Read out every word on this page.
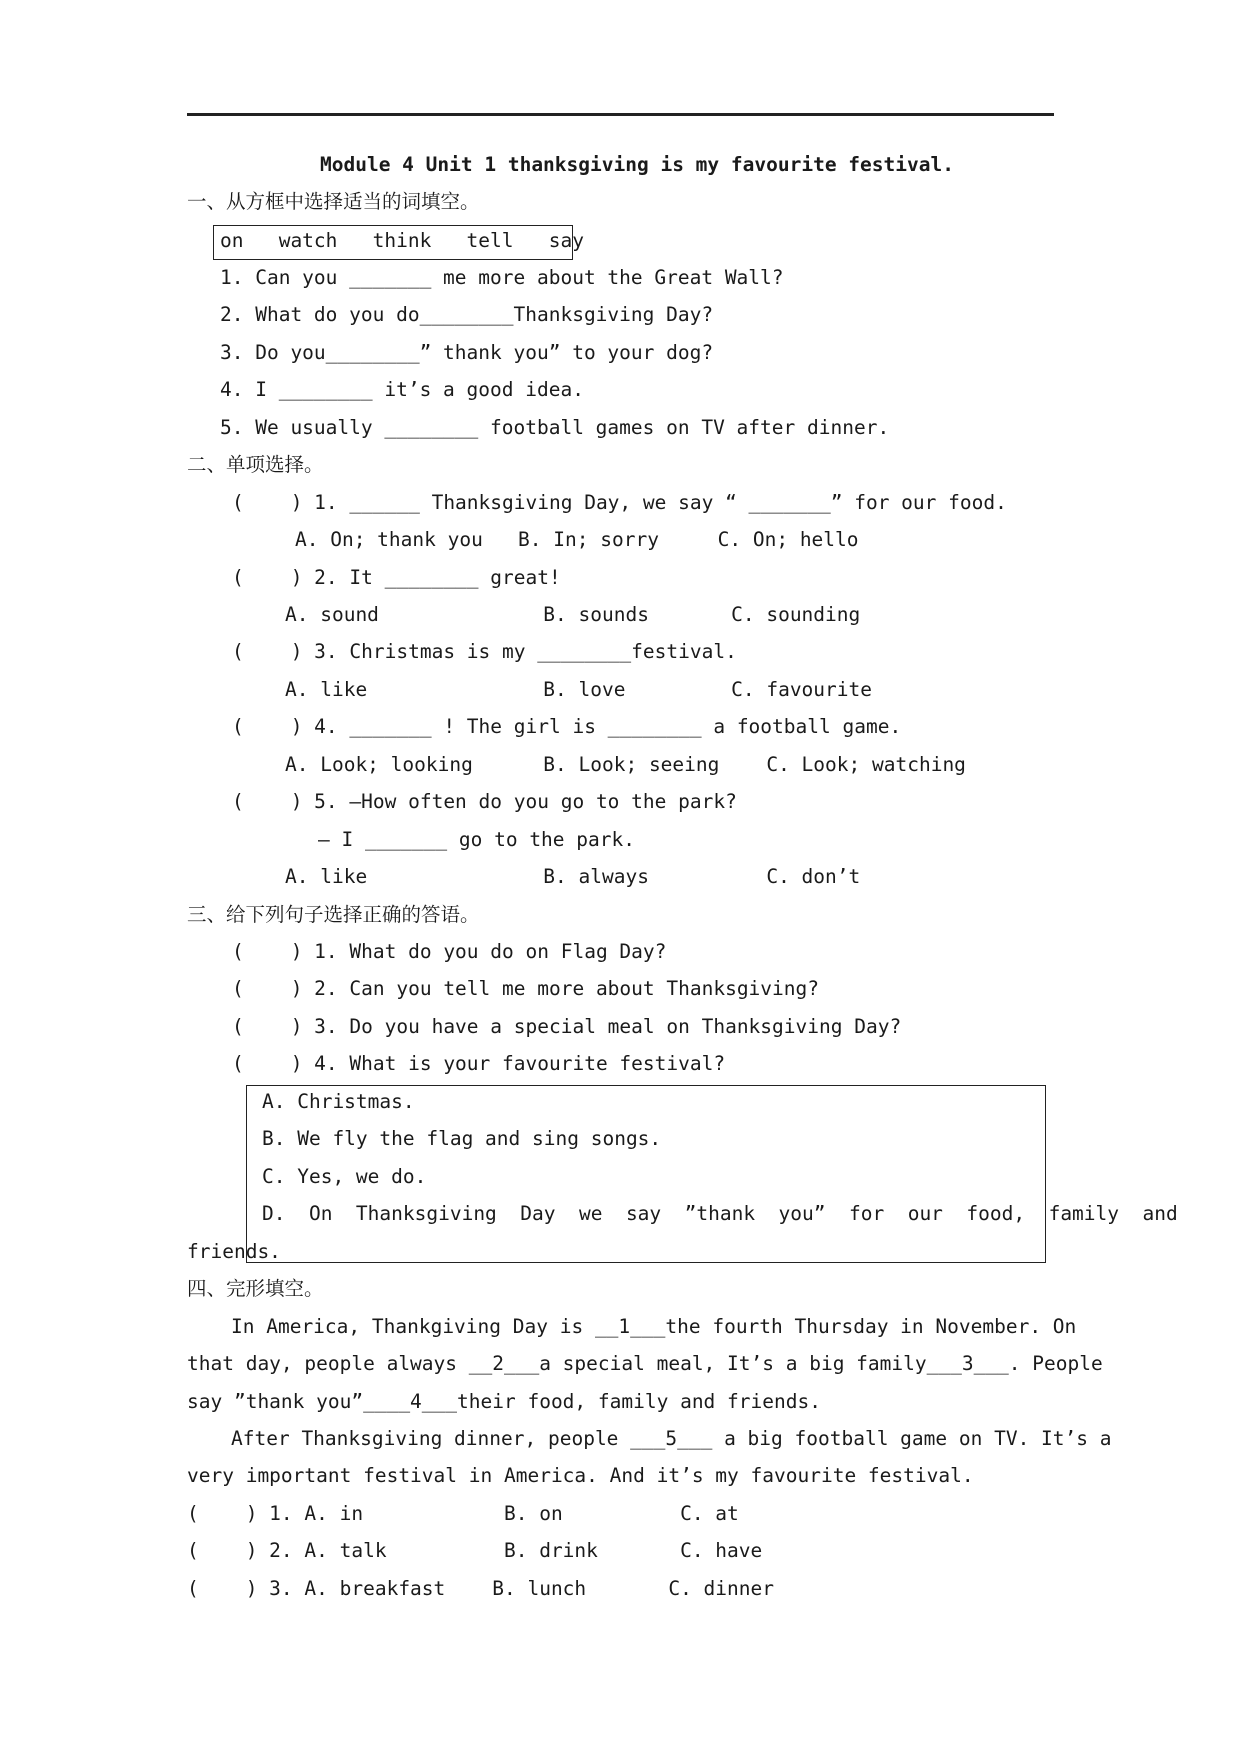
Module 4 Unit 1 thanksgiving is my favourite festival.
一、从方框中选择适当的词填空。
on   watch   think   tell   say
1. Can you _______ me more about the Great Wall?
2. What do you do________Thanksgiving Day?
3. Do you________” thank you” to your dog?
4. I ________ it’s a good idea.
5. We usually ________ football games on TV after dinner.
二、单项选择。
(    ) 1. ______ Thanksgiving Day, we say “ _______” for our food.
A. On; thank you   B. In; sorry     C. On; hello
(    ) 2. It ________ great!
A. sound              B. sounds       C. sounding
(    ) 3. Christmas is my ________festival.
A. like               B. love         C. favourite
(    ) 4. _______ ! The girl is ________ a football game.
A. Look; looking      B. Look; seeing    C. Look; watching
(    ) 5. —How often do you go to the park?
— I _______ go to the park.
A. like               B. always          C. don’t
三、给下列句子选择正确的答语。
(    ) 1. What do you do on Flag Day?
(    ) 2. Can you tell me more about Thanksgiving?
(    ) 3. Do you have a special meal on Thanksgiving Day?
(    ) 4. What is your favourite festival?
A. Christmas.
B. We fly the flag and sing songs.
C. Yes, we do.
D.  On  Thanksgiving  Day  we  say  ”thank  you”  for  our  food,  family  and
friends.
四、完形填空。
In America, Thankgiving Day is __1___the fourth Thursday in November. On
that day, people always __2___a special meal, It’s a big family___3___. People
say ”thank you”____4___their food, family and friends.
After Thanksgiving dinner, people ___5___ a big football game on TV. It’s a
very important festival in America. And it’s my favourite festival.
(    ) 1. A. in            B. on          C. at
(    ) 2. A. talk          B. drink       C. have
(    ) 3. A. breakfast    B. lunch       C. dinner
